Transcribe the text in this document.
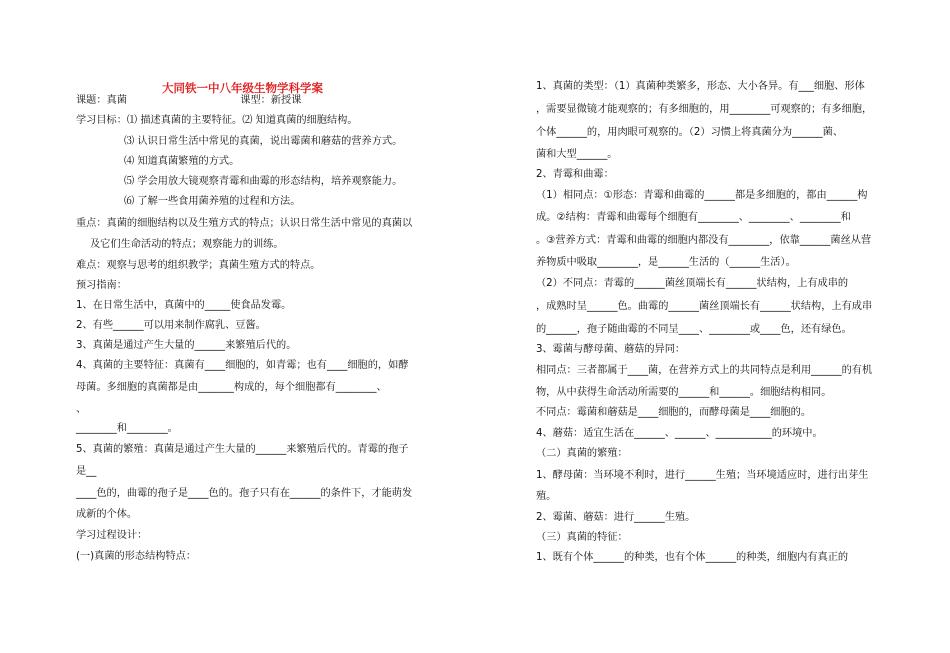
大同铁一中八年级生物学科学案
课题：真菌                                   课型：新授课
学习目标：⑴ 描述真菌的主要特征。⑵ 知道真菌的细胞结构。
⑶ 认识日常生活中常见的真菌，说出霉菌和蘑菇的营养方式。
⑷ 知道真菌繁殖的方式。
⑸ 学会用放大镜观察青霉和曲霉的形态结构，培养观察能力。
⑹ 了解一些食用菌养殖的过程和方法。
重点：真菌的细胞结构以及生殖方式的特点；认识日常生活中常见的真菌以
及它们生命活动的特点；观察能力的训练。
难点：观察与思考的组织教学；真菌生殖方式的特点。
预习指南：
1、在日常生活中，真菌中的_____使食品发霉。
2、有些______可以用来制作腐乳、豆酱。
3、真菌是通过产生大量的______来繁殖后代的。
4、真菌的主要特征：真菌有____细胞的，如青霉；也有____细胞的，如酵
母菌。多细胞的真菌都是由_______构成的，每个细胞都有________、
、
________和________。
5、真菌的繁殖：真菌是通过产生大量的______来繁殖后代的。青霉的孢子
是__
____色的，曲霉的孢子是____色的。孢子只有在______的条件下，才能萌发
成新的个体。
学习过程设计：
(一)真菌的形态结构特点：
1、真菌的类型：（1）真菌种类繁多，形态、大小各异。有___细胞、形体
，需要显微镜才能观察的；有多细胞的，用________可观察的；有多细胞，
个体______的，用肉眼可观察的。（2）习惯上将真菌分为______菌、
菌和大型______。
2、青霉和曲霉：
（1）相同点：①形态：青霉和曲霉的______都是多细胞的，都由______构
成。②结构：青霉和曲霉每个细胞有________、________、________和
。③营养方式：青霉和曲霉的细胞内都没有________，依靠______菌丝从营
养物质中吸取________，是______生活的（______生活）。
（2）不同点：青霉的______菌丝顶端长有______状结构，上有成串的
，成熟时呈______色。曲霉的______菌丝顶端长有______状结构，上有成串
的______，孢子随曲霉的不同呈____、________或____色，还有绿色。
3、霉菌与酵母菌、蘑菇的异同：
相同点：三者都属于____菌，在营养方式上的共同特点是利用______的有机
物，从中获得生命活动所需要的______和______。细胞结构相同。
不同点：霉菌和蘑菇是____细胞的，而酵母菌是____细胞的。
4、蘑菇：适宜生活在______、______、___________的环境中。
（二）真菌的繁殖：
1、酵母菌：当环境不利时，进行______生殖；当环境适应时，进行出芽生
殖。
2、霉菌、蘑菇：进行______生殖。
（三）真菌的特征：
1、既有个体______的种类，也有个体______的种类，细胞内有真正的
